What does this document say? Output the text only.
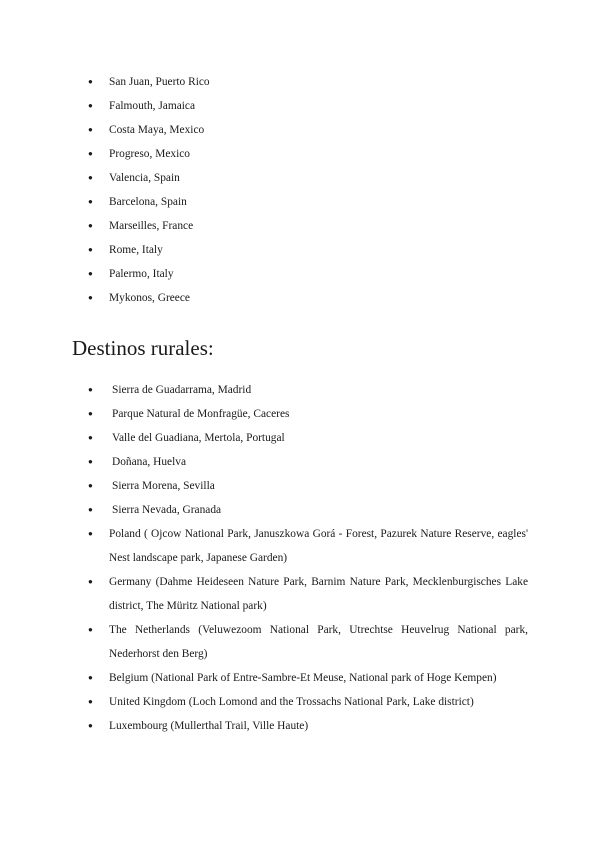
● San Juan, Puerto Rico
● Falmouth, Jamaica
● Costa Maya, Mexico
● Progreso, Mexico
● Valencia, Spain
● Barcelona, Spain
● Marseilles, France
● Rome, Italy
● Palermo, Italy
● Mykonos, Greece
Destinos rurales:
● Sierra de Guadarrama, Madrid
● Parque Natural de Monfragüe, Caceres
● Valle del Guadiana, Mertola, Portugal
● Doñana, Huelva
● Sierra Morena, Sevilla
● Sierra Nevada, Granada
● Poland ( Ojcow National Park, Januszkowa Gorá - Forest, Pazurek Nature Reserve, eagles' Nest landscape park, Japanese Garden)
● Germany (Dahme Heideseen Nature Park, Barnim Nature Park, Mecklenburgisches Lake district, The Müritz National park)
● The Netherlands (Veluwezoom National Park, Utrechtse Heuvelrug National park, Nederhorst den Berg)
● Belgium (National Park of Entre-Sambre-Et Meuse, National park of Hoge Kempen)
● United Kingdom (Loch Lomond and the Trossachs National Park, Lake district)
● Luxembourg (Mullerthal Trail, Ville Haute)
